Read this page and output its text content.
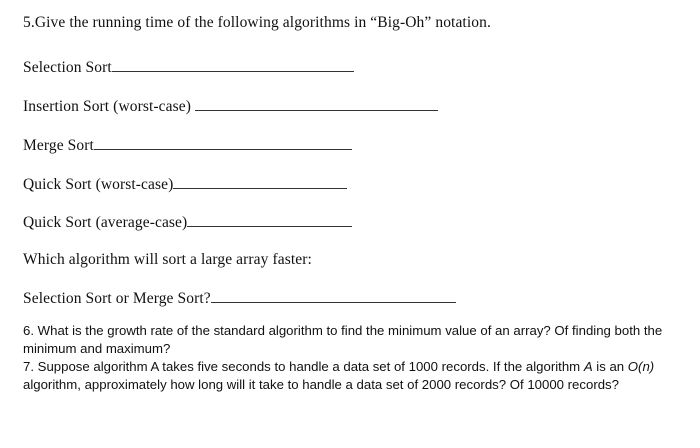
5.Give the running time of the following algorithms in “Big-Oh” notation.
Selection Sort
Insertion Sort (worst-case)
Merge Sort
Quick Sort (worst-case)
Quick Sort (average-case)
Which algorithm will sort a large array faster:
Selection Sort or Merge Sort?
6. What is the growth rate of the standard algorithm to find the minimum value of an array? Of finding both the minimum and maximum?
7. Suppose algorithm A takes five seconds to handle a data set of 1000 records. If the algorithm A is an O(n) algorithm, approximately how long will it take to handle a data set of 2000 records? Of 10000 records?
